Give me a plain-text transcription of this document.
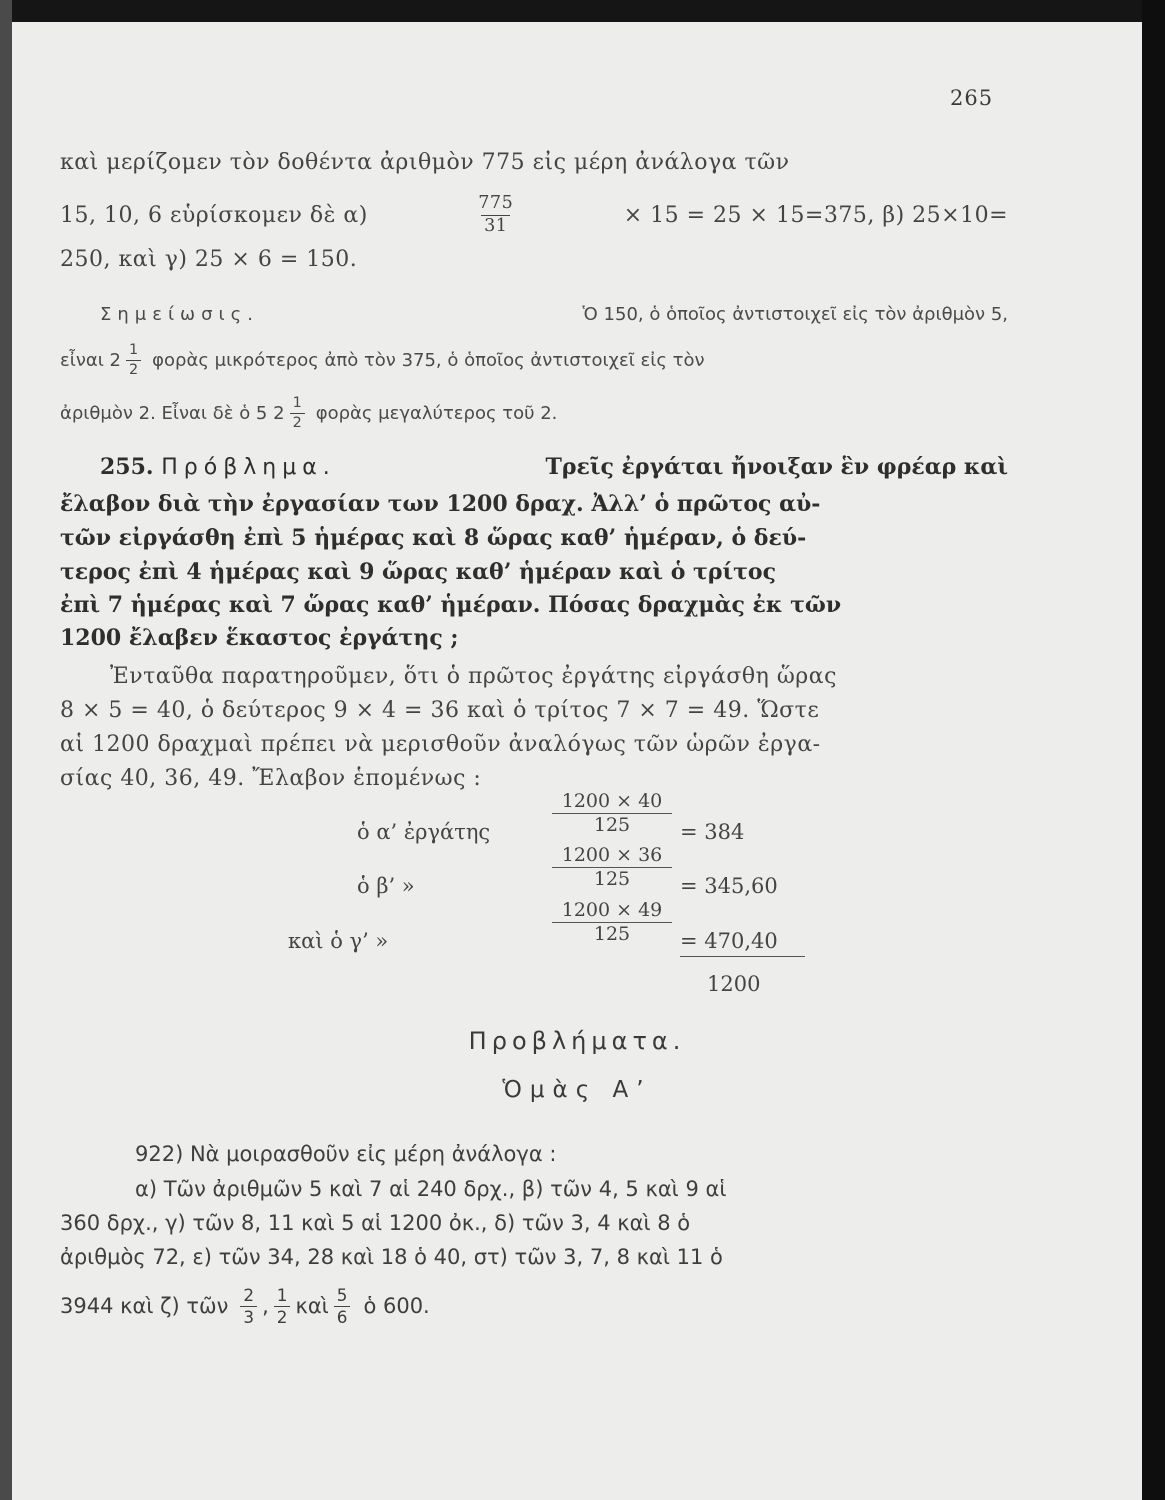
265
καὶ μερίζομεν τὸν δοθέντα ἀριθμὸν 775 εἰς μέρη ἀνάλογα τῶν
15, 10, 6 εὑρίσκομεν δὲ α)	$\frac{775}{31}$	× 15 = 25 × 15=375, β) 25×10=
250, καὶ γ) 25 × 6 = 150.
Σημείωσις.	Ὁ 150, ὁ ὁποῖος ἀντιστοιχεῖ εἰς τὸν ἀριθμὸν 5,
εἶναι $2 \frac{1}{2}$ φορὰς μικρότερος ἀπὸ τὸν 375, ὁ ὁποῖος ἀντιστοιχεῖ εἰς τὸν
ἀριθμὸν 2. Εἶναι δὲ ὁ 5 $2 \frac{1}{2}$ φορὰς μεγαλύτερος τοῦ 2.
255. Πρόβλημα.	Τρεῖς ἐργάται ἤνοιξαν ἓν φρέαρ καὶ
ἔλαβον διὰ τὴν ἐργασίαν των 1200 δραχ. Ἀλλ’ ὁ πρῶτος αὐ-
τῶν εἰργάσθη ἐπὶ 5 ἡμέρας καὶ 8 ὥρας καθ’ ἡμέραν, ὁ δεύ-
τερος ἐπὶ 4 ἡμέρας καὶ 9 ὥρας καθ’ ἡμέραν καὶ ὁ τρίτος
ἐπὶ 7 ἡμέρας καὶ 7 ὥρας καθ’ ἡμέραν. Πόσας δραχμὰς ἐκ τῶν
1200 ἔλαβεν ἕκαστος ἐργάτης ;
Ἐνταῦθα παρατηροῦμεν, ὅτι ὁ πρῶτος ἐργάτης εἰργάσθη ὥρας
8 × 5 = 40, ὁ δεύτερος 9 × 4 = 36 καὶ ὁ τρίτος 7 × 7 = 49. Ὥστε
αἱ 1200 δραχμαὶ πρέπει νὰ μερισθοῦν ἀναλόγως τῶν ὡρῶν ἐργα-
σίας 40, 36, 49. Ἔλαβον ἑπομένως :
ὁ α’ ἐργάτης	$\frac{1200 \times 40}{125} = 384$
ὁ β’ »	$\frac{1200 \times 36}{125} = 345,60$
καὶ ὁ γ’ »	$\frac{1200 \times 49}{125} = 470,40$
1200
Προβλήματα.
Ὁμὰς Α’
922) Νὰ μοιρασθοῦν εἰς μέρη ἀνάλογα :
α) Τῶν ἀριθμῶν 5 καὶ 7 αἱ 240 δρχ., β) τῶν 4, 5 καὶ 9 αἱ
360 δρχ., γ) τῶν 8, 11 καὶ 5 αἱ 1200 ὀκ., δ) τῶν 3, 4 καὶ 8 ὁ
ἀριθμὸς 72, ε) τῶν 34, 28 καὶ 18 ὁ 40, στ) τῶν 3, 7, 8 καὶ 11 ὁ
3944 καὶ ζ) τῶν $\frac{2}{3}$ , $\frac{1}{2}$ καὶ $\frac{5}{6}$ ὁ 600.
